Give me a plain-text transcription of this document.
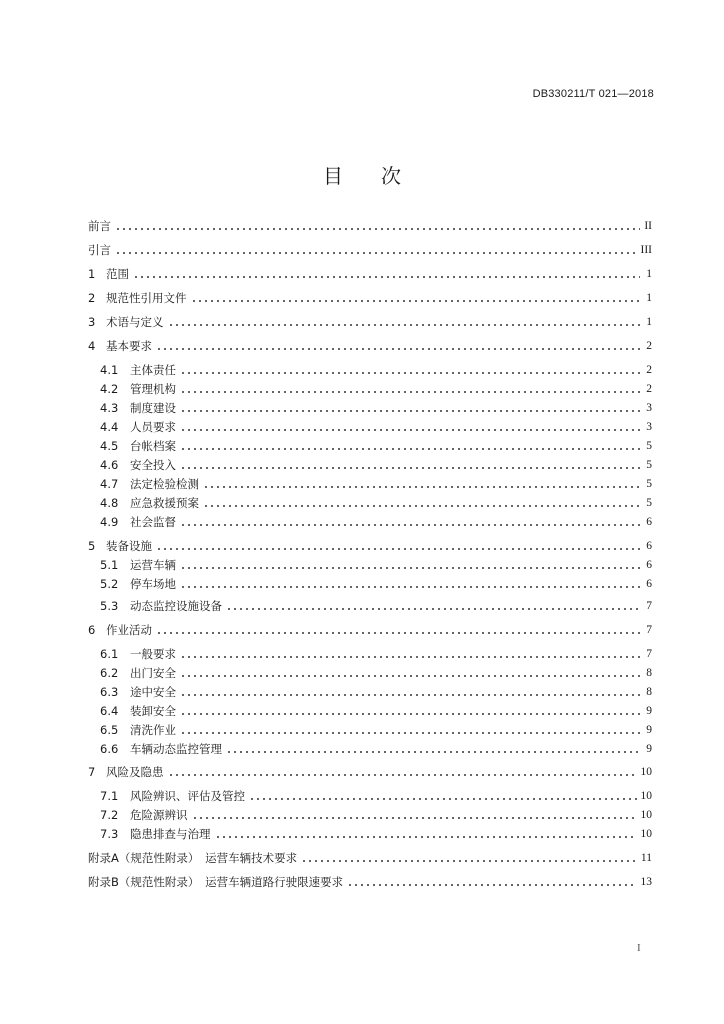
DB330211/T 021—2018
目 次
前言	II
引言	III
1 范围	1
2 规范性引用文件	1
3 术语与定义	1
4 基本要求	2
4.1	主体责任	2
4.2	管理机构	2
4.3	制度建设	3
4.4	人员要求	3
4.5	台帐档案	5
4.6	安全投入	5
4.7	法定检验检测	5
4.8	应急救援预案	5
4.9	社会监督	6
5 装备设施	6
5.1	运营车辆	6
5.2	停车场地	6
5.3	动态监控设施设备	7
6 作业活动	7
6.1	一般要求	7
6.2	出门安全	8
6.3	途中安全	8
6.4	装卸安全	9
6.5	清洗作业	9
6.6	车辆动态监控管理	9
7 风险及隐患	10
7.1	风险辨识、评估及管控	10
7.2	危险源辨识	10
7.3	隐患排查与治理	10
附录A（规范性附录）　运营车辆技术要求	11
附录B（规范性附录）　运营车辆道路行驶限速要求	13
I
